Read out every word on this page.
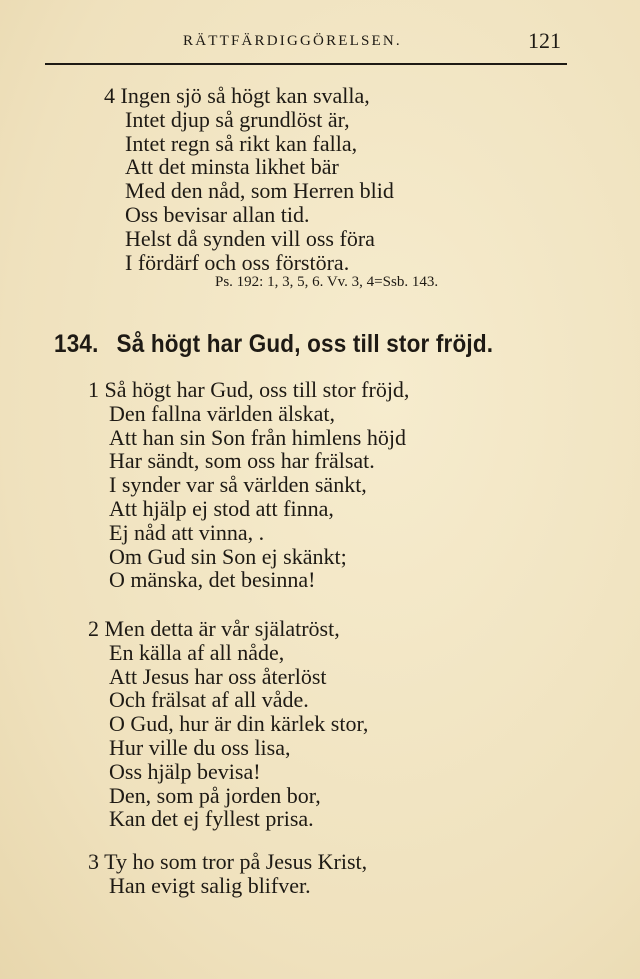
RÄTTFÄRDIGGÖRELSEN.	121
4 Ingen sjö så högt kan svalla,
Intet djup så grundlöst är,
Intet regn så rikt kan falla,
Att det minsta likhet bär
Med den nåd, som Herren blid
Oss bevisar allan tid.
Helst då synden vill oss föra
I fördärf och oss förstöra.
Ps. 192: 1, 3, 5, 6. Vv. 3, 4=Ssb. 143.
134. Så högt har Gud, oss till stor fröjd.
1 Så högt har Gud, oss till stor fröjd,
Den fallna världen älskat,
Att han sin Son från himlens höjd
Har sändt, som oss har frälsat.
I synder var så världen sänkt,
Att hjälp ej stod att finna,
Ej nåd att vinna, .
Om Gud sin Son ej skänkt;
O mänska, det besinna!
2 Men detta är vår själatröst,
En källa af all nåde,
Att Jesus har oss återlöst
Och frälsat af all våde.
O Gud, hur är din kärlek stor,
Hur ville du oss lisa,
Oss hjälp bevisa!
Den, som på jorden bor,
Kan det ej fyllest prisa.
3 Ty ho som tror på Jesus Krist,
Han evigt salig blifver.
